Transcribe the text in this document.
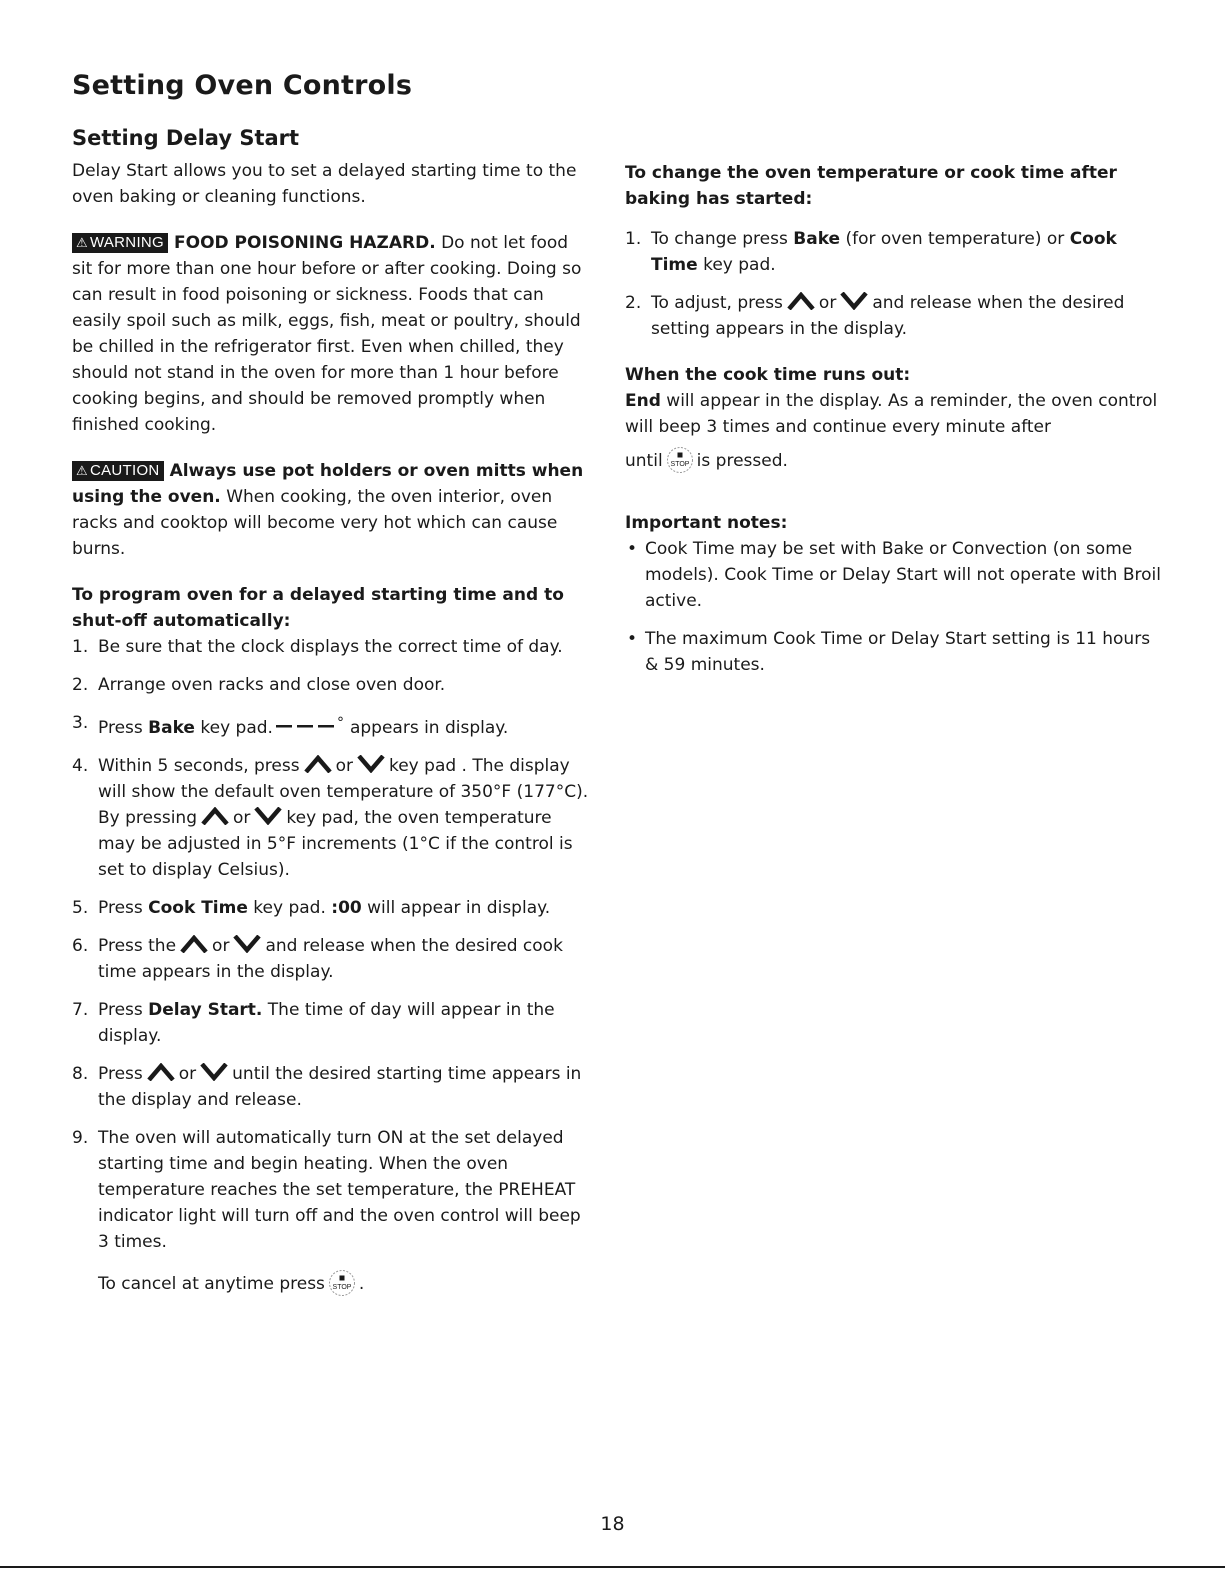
Setting Oven Controls
Setting Delay Start

Delay Start allows you to set a delayed starting time to the oven baking or cleaning functions.

⚠ WARNING FOOD POISONING HAZARD. Do not let food sit for more than one hour before or after cooking. Doing so can result in food poisoning or sickness. Foods that can easily spoil such as milk, eggs, fish, meat or poultry, should be chilled in the refrigerator first. Even when chilled, they should not stand in the oven for more than 1 hour before cooking begins, and should be removed promptly when finished cooking.

⚠ CAUTION Always use pot holders or oven mitts when using the oven. When cooking, the oven interior, oven racks and cooktop will become very hot which can cause burns.

To program oven for a delayed starting time and to shut-off automatically:

1. Be sure that the clock displays the correct time of day.
2. Arrange oven racks and close oven door.
3. Press Bake key pad.	° appears in display.
4. Within 5 seconds, press or key pad . The display will show the default oven temperature of 350°F (177°C). By pressing or key pad, the oven temperature may be adjusted in 5°F increments (1°C if the control is set to display Celsius).
5. Press Cook Time key pad. :00 will appear in display.
6. Press the or and release when the desired cook time appears in the display.
7. Press Delay Start. The time of day will appear in the display.
8. Press or until the desired starting time appears in the display and release.
9. The oven will automatically turn ON at the set delayed starting time and begin heating. When the oven temperature reaches the set temperature, the PREHEAT indicator light will turn off and the oven control will beep 3 times.

To cancel at anytime press STOP .

To change the oven temperature or cook time after baking has started:

1. To change press Bake (for oven temperature) or Cook Time key pad.
2. To adjust, press or and release when the desired setting appears in the display.

When the cook time runs out:

End will appear in the display. As a reminder, the oven control will beep 3 times and continue every minute after

until STOP is pressed.

Important notes:

• Cook Time may be set with Bake or Convection (on some models). Cook Time or Delay Start will not operate with Broil active.
• The maximum Cook Time or Delay Start setting is 11 hours & 59 minutes.
18
